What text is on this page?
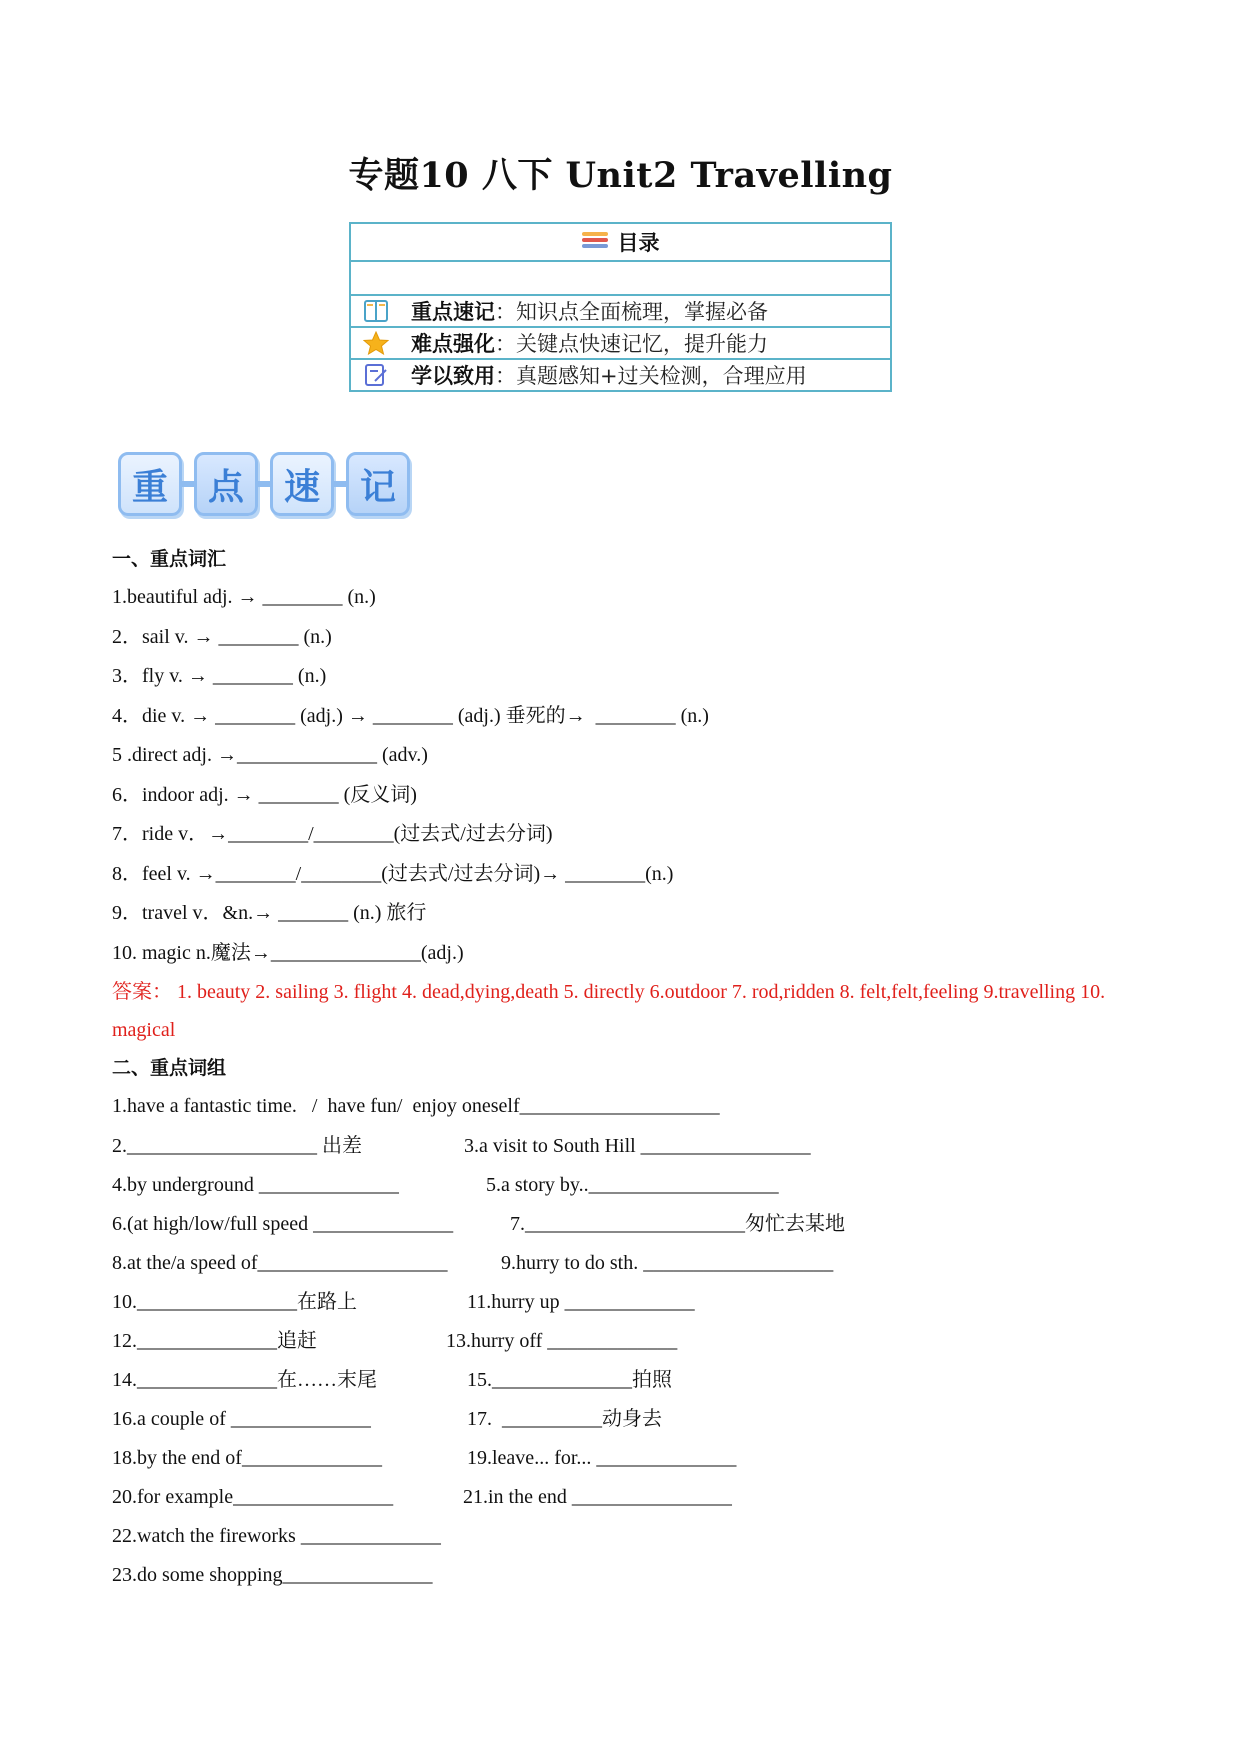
专题10 八下 Unit2 Travelling
目录
重点速记 ：知识点全面梳理，掌握必备
难点强化 ：关键点快速记忆，提升能力
学以致用 ：真题感知+过关检测，合理应用
重	点	速	记
一、重点词汇
1.beautiful adj. → ________ (n.)
2．sail v. → ________ (n.)
3．fly v. → ________ (n.)
4．die v. → ________ (adj.) → ________ (adj.) 垂死的→  ________ (n.)
5 .direct adj. →______________ (adv.)
6．indoor adj. → ________ (反义词)
7．ride v．→________/________(过去式/过去分词)
8．feel v. →________/________(过去式/过去分词)→ ________(n.)
9．travel v．&n.→ _______ (n.) 旅行
10. magic n.魔法→_______________(adj.)
答案： 1. beauty 2. sailing 3. flight 4. dead,dying,death 5. directly 6.outdoor 7. rod,ridden 8. felt,felt,feeling 9.travelling 10. magical
二、重点词组
1.have a fantastic time.   /  have fun/  enjoy oneself____________________
2.___________________ 出差	3.a visit to South Hill _________________
4.by underground ______________	5.a story by..___________________
6.(at high/low/full speed ______________	7.______________________匆忙去某地
8.at the/a speed of___________________	9.hurry to do sth. ___________________
10.________________在路上	11.hurry up _____________
12.______________追赶	13.hurry off _____________
14.______________在……末尾	15.______________拍照
16.a couple of ______________	17.  __________动身去
18.by the end of______________	19.leave... for... ______________
20.for example________________	21.in the end ________________
22.watch the fireworks ______________
23.do some shopping_______________
